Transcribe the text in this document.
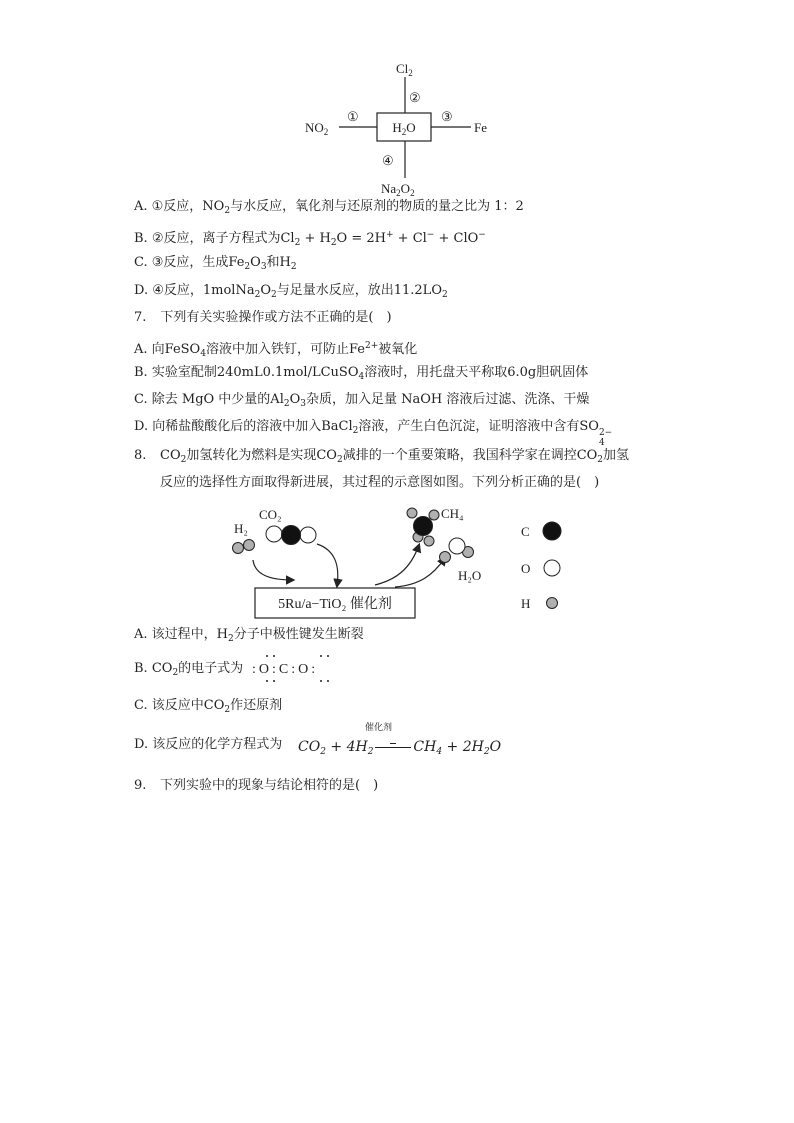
$H_2O$
$Cl_2$
②
$NO_2$
①
Fe
③
④
$Na_2O_2$
A. ①反应，$NO_2$与水反应，氧化剂与还原剂的物质的量之比为 1：2
B. ②反应，离子方程式为$Cl_2 + H_2O = 2H^+ + Cl^- + ClO^-$
C. ③反应，生成$Fe_2O_3$和$H_2$
D. ④反应，$1molNa_2O_2$与足量水反应，放出$11.2LO_2$
7. 下列有关实验操作或方法不正确的是(　)
A. 向FeSO$_4$溶液中加入铁钉，可防止$Fe^{2+}$被氧化
B. 实验室配制240mL0.1mol/LCuSO$_4$溶液时，用托盘天平称取6.0g胆矾固体
C. 除去 MgO 中少量的$Al_2O_3$杂质，加入足量 NaOH 溶液后过滤、洗涤、干燥
D. 向稀盐酸酸化后的溶液中加入BaCl$_2$溶液，产生白色沉淀，证明溶液中含有SO 2−
4
8. $CO_2$加氢转化为燃料是实现$CO_2$减排的一个重要策略，我国科学家在调控$CO_2$加氢
反应的选择性方面取得新进展，其过程的示意图如图。下列分析正确的是(　)
H₂
CO₂
5Ru/a−TiO₂ 催化剂
CH₄
H₂O
C
O
H
A. 该过程中，$H_2$分子中极性键发生断裂
B. $CO_2$的电子式为 :O:C:O:
C. 该反应中$CO_2$作还原剂
D. 该反应的化学方程式为
催化剂
$CO_2 + 4H_2$	$CH_4 + 2H_2O$
9. 下列实验中的现象与结论相符的是(　)
